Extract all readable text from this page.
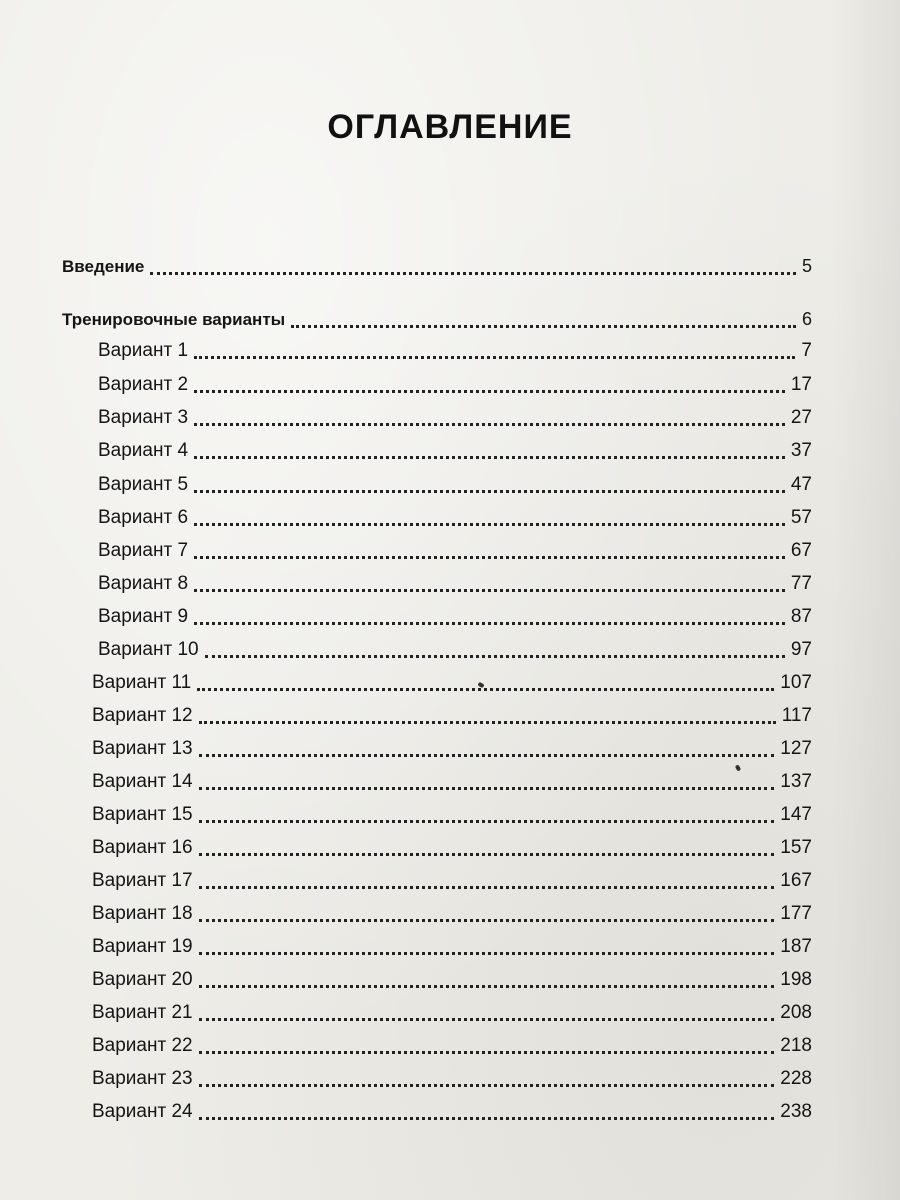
ОГЛАВЛЕНИЕ
Введение	5
Тренировочные варианты	6
Вариант 1	7
Вариант 2	17
Вариант 3	27
Вариант 4	37
Вариант 5	47
Вариант 6	57
Вариант 7	67
Вариант 8	77
Вариант 9	87
Вариант 10	97
Вариант 11	107
Вариант 12	117
Вариант 13	127
Вариант 14	137
Вариант 15	147
Вариант 16	157
Вариант 17	167
Вариант 18	177
Вариант 19	187
Вариант 20	198
Вариант 21	208
Вариант 22	218
Вариант 23	228
Вариант 24	238
